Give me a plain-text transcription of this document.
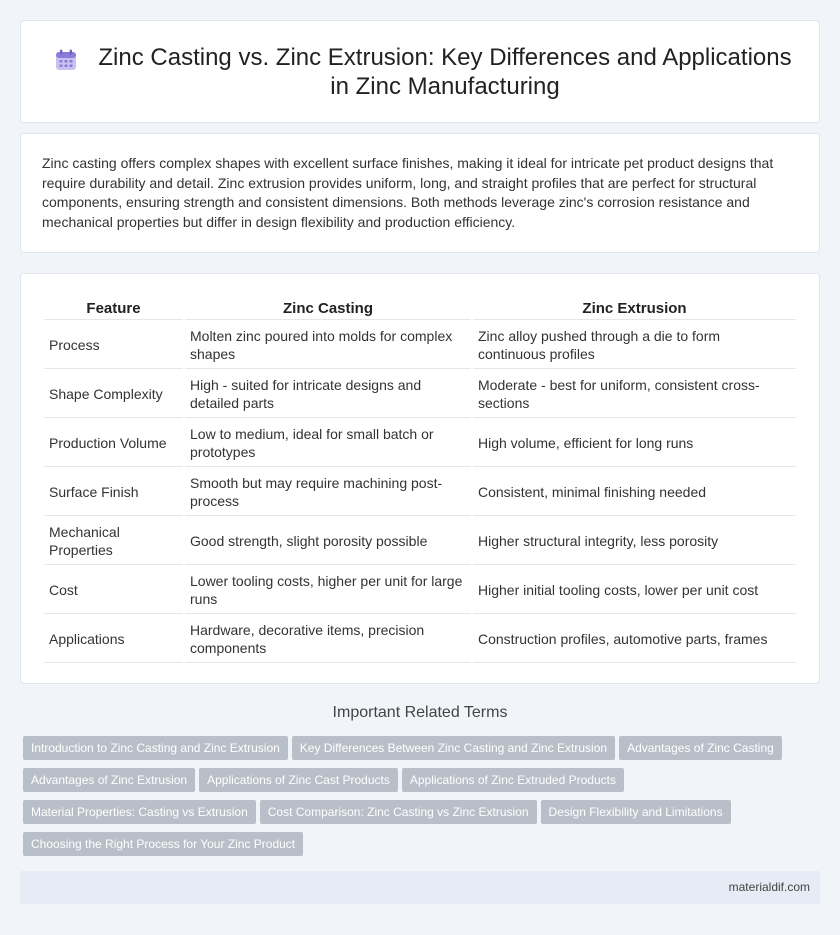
Zinc Casting vs. Zinc Extrusion: Key Differences and Applications in Zinc Manufacturing

Zinc casting offers complex shapes with excellent surface finishes, making it ideal for intricate pet product designs that require durability and detail. Zinc extrusion provides uniform, long, and straight profiles that are perfect for structural components, ensuring strength and consistent dimensions. Both methods leverage zinc's corrosion resistance and mechanical properties but differ in design flexibility and production efficiency.

Feature	Zinc Casting	Zinc Extrusion
Process	Molten zinc poured into molds for complex shapes	Zinc alloy pushed through a die to form continuous profiles
Shape Complexity	High - suited for intricate designs and detailed parts	Moderate - best for uniform, consistent cross-sections
Production Volume	Low to medium, ideal for small batch or prototypes	High volume, efficient for long runs
Surface Finish	Smooth but may require machining post-process	Consistent, minimal finishing needed
Mechanical Properties	Good strength, slight porosity possible	Higher structural integrity, less porosity
Cost	Lower tooling costs, higher per unit for large runs	Higher initial tooling costs, lower per unit cost
Applications	Hardware, decorative items, precision components	Construction profiles, automotive parts, frames
Important Related Terms
Introduction to Zinc Casting and Zinc Extrusion Key Differences Between Zinc Casting and Zinc Extrusion Advantages of Zinc Casting
Advantages of Zinc Extrusion Applications of Zinc Cast Products Applications of Zinc Extruded Products
Material Properties: Casting vs Extrusion Cost Comparison: Zinc Casting vs Zinc Extrusion Design Flexibility and Limitations
Choosing the Right Process for Your Zinc Product
materialdif.com
